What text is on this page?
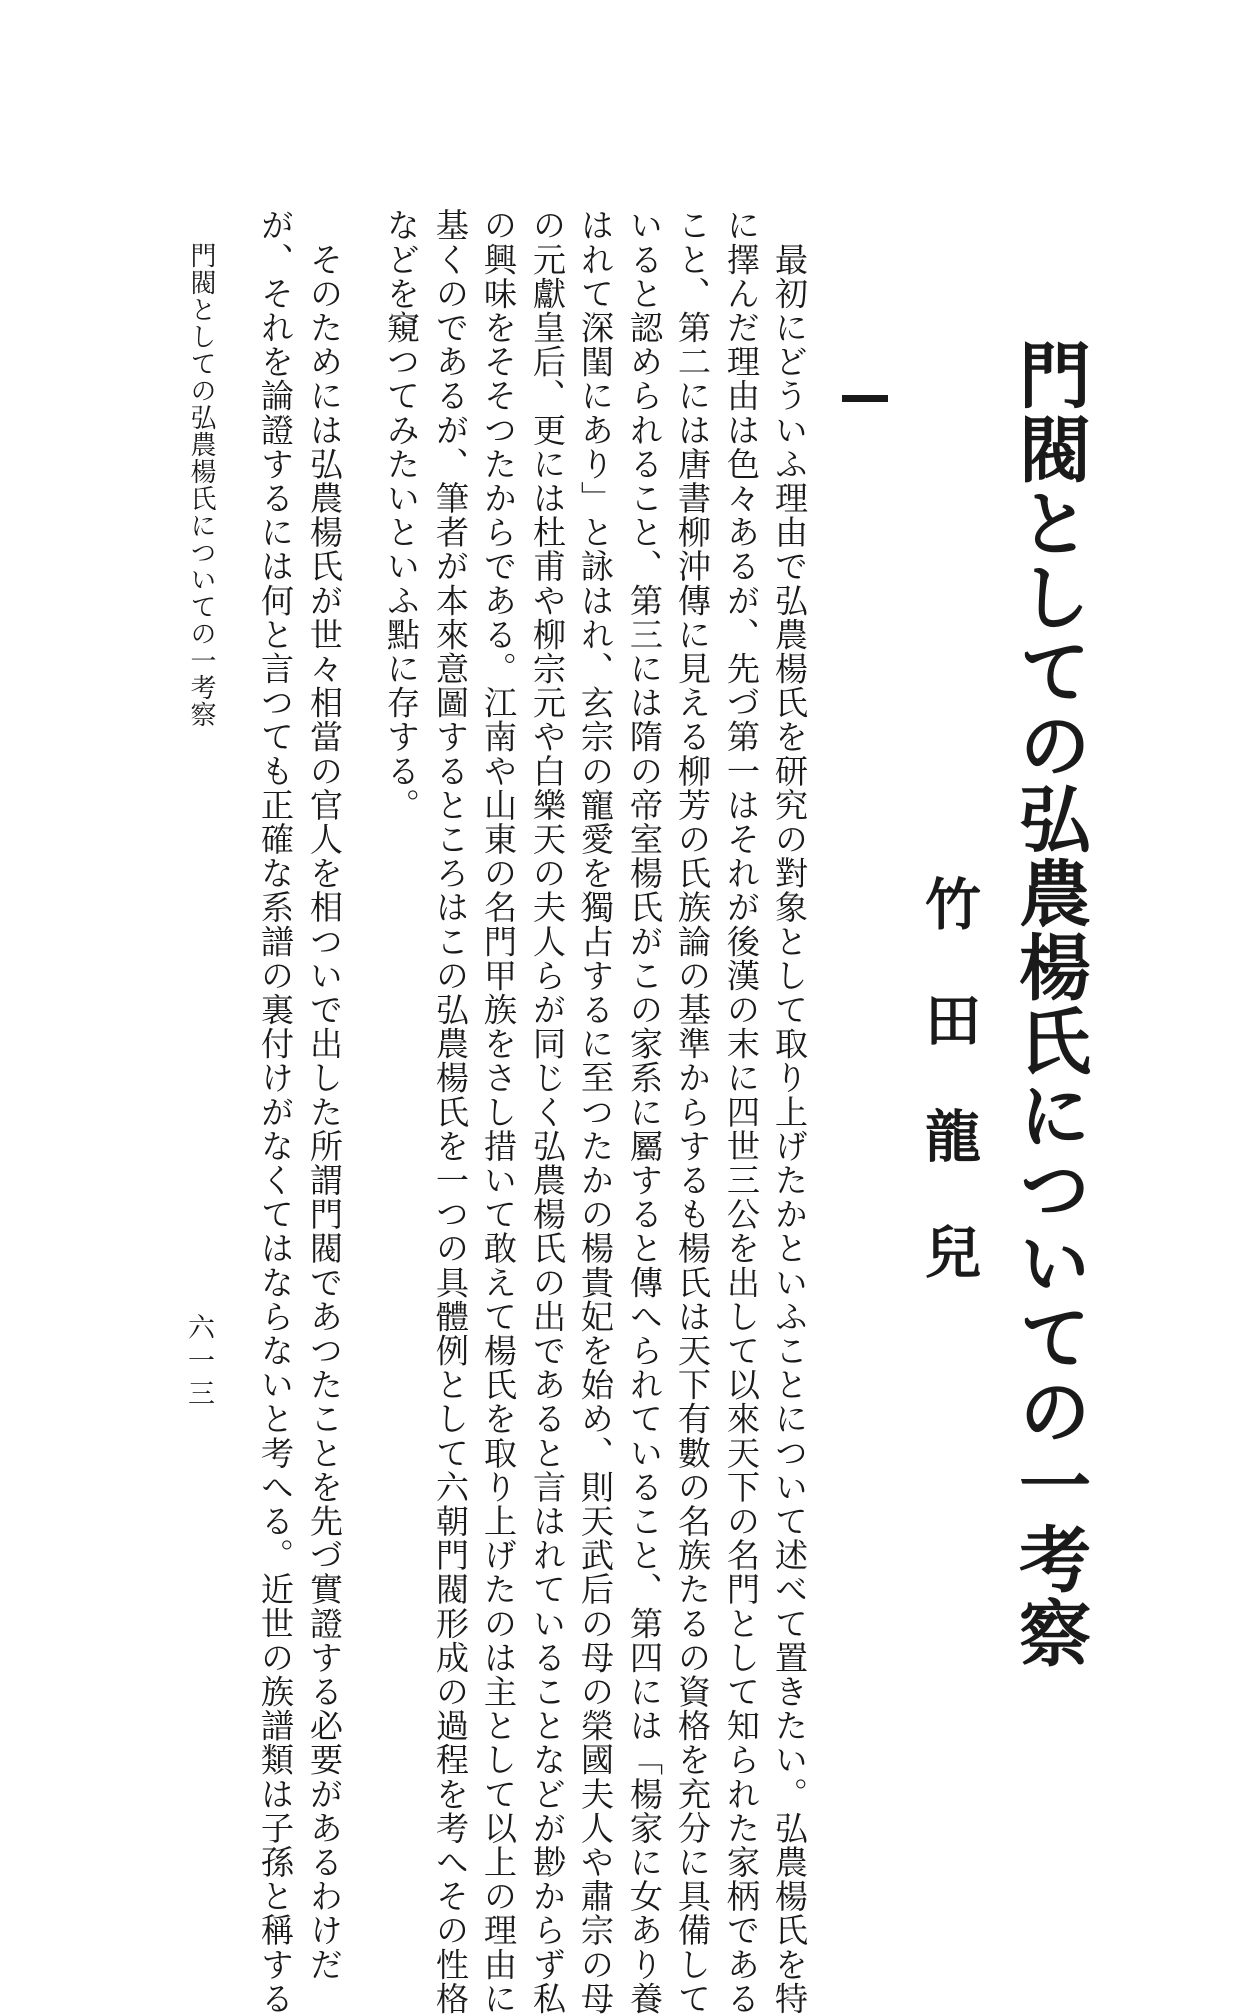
門閥としての弘農楊氏についての一考察
竹田龍兒
　最初にどういふ理由で弘農楊氏を研究の對象として取り上げたかといふことについて述べて置きたい。弘農楊氏を特
に擇んだ理由は色々あるが、先づ第一はそれが後漢の末に四世三公を出して以來天下の名門として知られた家柄である
こと、第二には唐書柳沖傳に見える柳芳の氏族論の基準からするも楊氏は天下有數の名族たるの資格を充分に具備して
いると認められること、第三には隋の帝室楊氏がこの家系に屬すると傳へられていること、第四には「楊家に女あり養
はれて深閨にあり」と詠はれ、玄宗の寵愛を獨占するに至つたかの楊貴妃を始め、則天武后の母の榮國夫人や肅宗の母
の元獻皇后、更には杜甫や柳宗元や白樂天の夫人らが同じく弘農楊氏の出であると言はれていることなどが尠からず私
の興味をそそつたからである。江南や山東の名門甲族をさし措いて敢えて楊氏を取り上げたのは主として以上の理由に
基くのであるが、筆者が本來意圖するところはこの弘農楊氏を一つの具體例として六朝門閥形成の過程を考へその性格
などを窺つてみたいといふ點に存する。
　そのためには弘農楊氏が世々相當の官人を相ついで出した所謂門閥であつたことを先づ實證する必要があるわけだ
が、それを論證するには何と言つても正確な系譜の裏付けがなくてはならないと考へる。近世の族譜類は子孫と稱する
門閥としての弘農楊氏についての一考察
六一三
